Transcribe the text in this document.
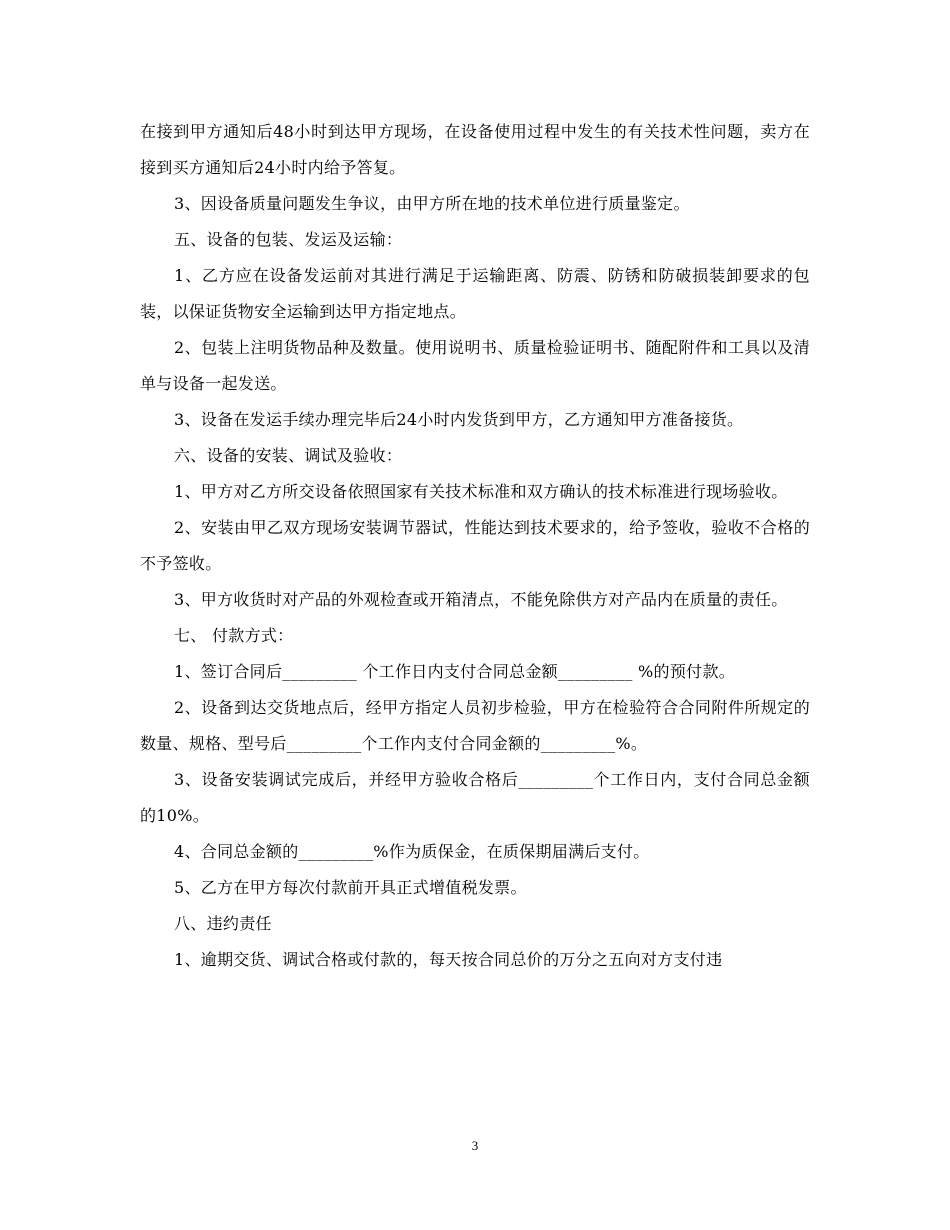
在接到甲方通知后48小时到达甲方现场，在设备使用过程中发生的有关技术性问题，卖方在接到买方通知后24小时内给予答复。

3、因设备质量问题发生争议，由甲方所在地的技术单位进行质量鉴定。

五、设备的包装、发运及运输：

1、乙方应在设备发运前对其进行满足于运输距离、防震、防锈和防破损装卸要求的包装，以保证货物安全运输到达甲方指定地点。

2、包装上注明货物品种及数量。使用说明书、质量检验证明书、随配附件和工具以及清单与设备一起发送。

3、设备在发运手续办理完毕后24小时内发货到甲方，乙方通知甲方准备接货。

六、设备的安装、调试及验收：

1、甲方对乙方所交设备依照国家有关技术标准和双方确认的技术标准进行现场验收。

2、安装由甲乙双方现场安装调节器试，性能达到技术要求的，给予签收，验收不合格的不予签收。

3、甲方收货时对产品的外观检查或开箱清点，不能免除供方对产品内在质量的责任。

七、 付款方式：

1、签订合同后_________ 个工作日内支付合同总金额_________ %的预付款。

2、设备到达交货地点后，经甲方指定人员初步检验，甲方在检验符合合同附件所规定的数量、规格、型号后_________个工作内支付合同金额的_________%。

3、设备安装调试完成后，并经甲方验收合格后_________个工作日内，支付合同总金额的10%。

4、合同总金额的_________%作为质保金，在质保期届满后支付。

5、乙方在甲方每次付款前开具正式增值税发票。

八、违约责任

1、逾期交货、调试合格或付款的，每天按合同总价的万分之五向对方支付违

3
